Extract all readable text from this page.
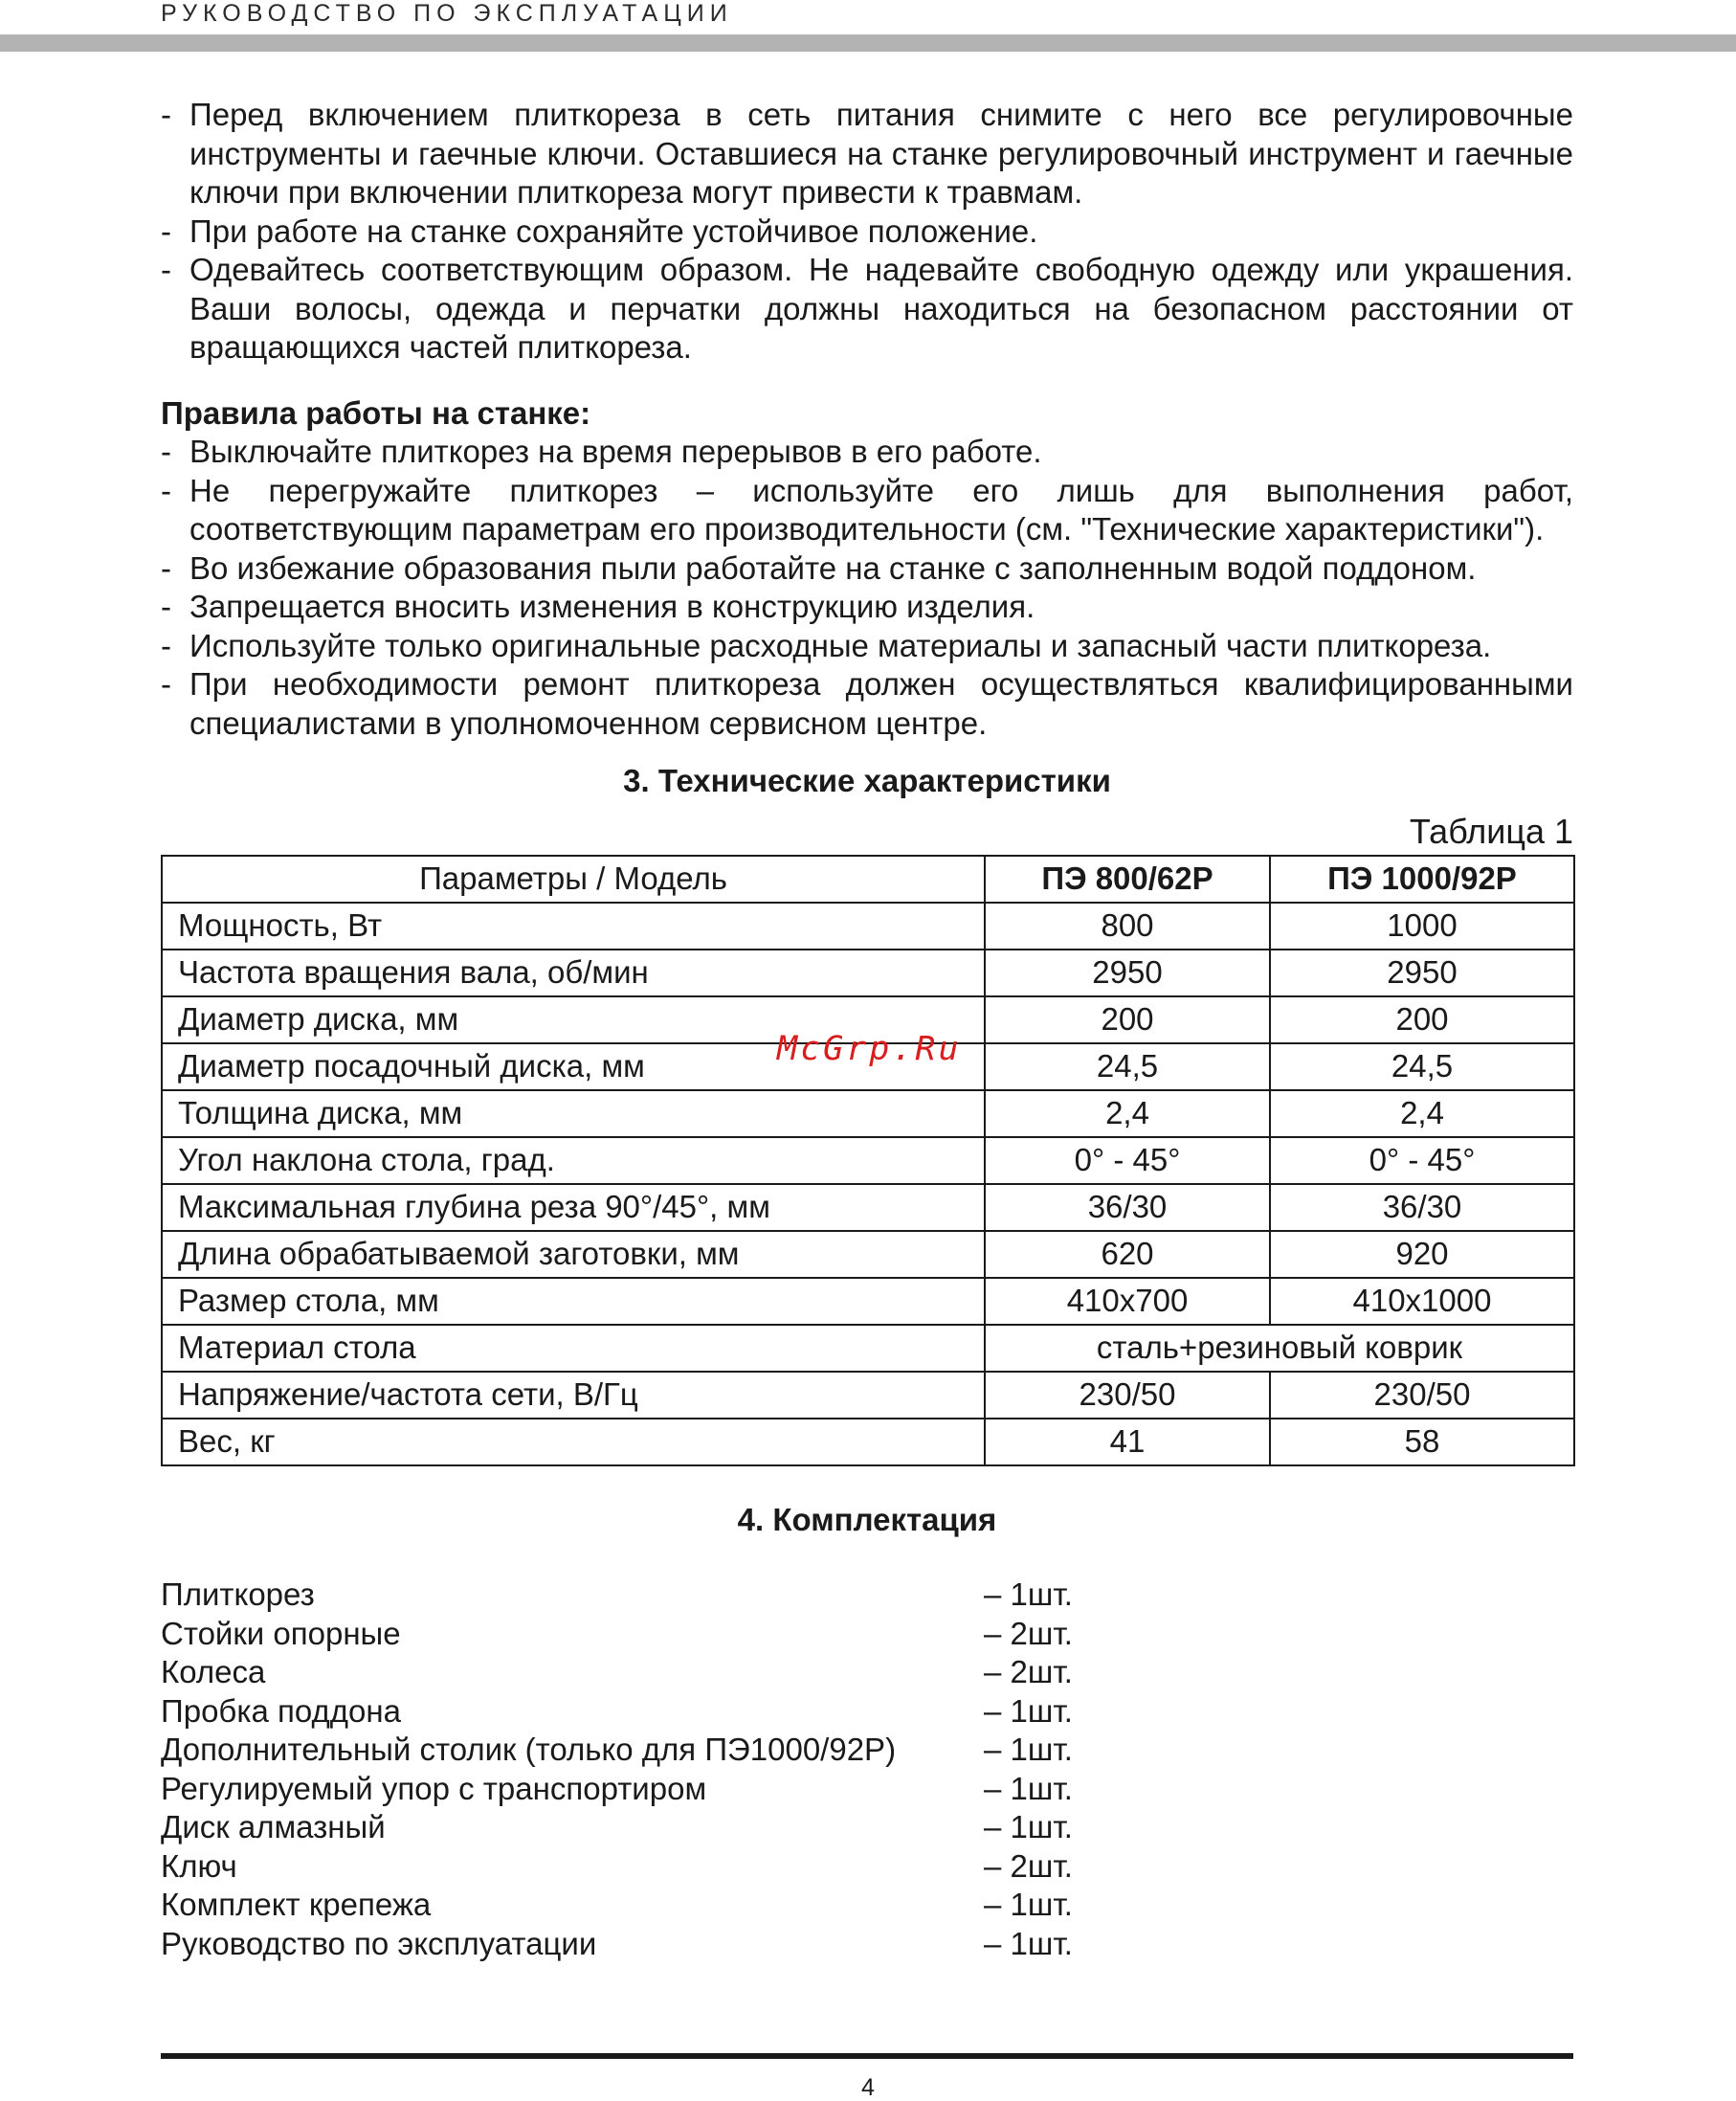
РУКОВОДСТВО ПО ЭКСПЛУАТАЦИИ
- Перед включением плиткореза в сеть питания снимите с него все регулировочные инструменты и гаечные ключи. Оставшиеся на станке регулировочный инструмент и гаечные ключи при включении плиткореза могут привести к травмам.
- При работе на станке сохраняйте устойчивое положение.
- Одевайтесь соответствующим образом. Не надевайте свободную одежду или украшения. Ваши волосы, одежда и перчатки должны находиться на безопасном расстоянии от вращающихся частей плиткореза.
Правила работы на станке:
- Выключайте плиткорез на время перерывов в его работе.
- Не перегружайте плиткорез – используйте его лишь для выполнения работ, соответствующим параметрам его производительности (см. "Технические характеристики").
- Во избежание образования пыли работайте на станке с заполненным водой поддоном.
- Запрещается вносить изменения в конструкцию изделия.
- Используйте только оригинальные расходные материалы и запасный части плиткореза.
- При необходимости ремонт плиткореза должен осуществляться квалифицированными специалистами в уполномоченном сервисном центре.
3. Технические характеристики
Таблица 1
Параметры / Модель	ПЭ 800/62Р	ПЭ 1000/92Р
Мощность, Вт	800	1000
Частота вращения вала, об/мин	2950	2950
Диаметр диска, мм	200	200
Диаметр посадочный диска, мм	24,5	24,5
Толщина диска, мм	2,4	2,4
Угол наклона стола, град.	0° - 45°	0° - 45°
Максимальная глубина реза 90°/45°, мм	36/30	36/30
Длина обрабатываемой заготовки, мм	620	920
Размер стола, мм	410х700	410х1000
Материал стола	сталь+резиновый коврик	
Напряжение/частота сети, В/Гц	230/50	230/50
Вес, кг	41	58
4. Комплектация
Плиткорез	– 1шт.
Стойки опорные	– 2шт.
Колеса	– 2шт.
Пробка поддона	– 1шт.
Дополнительный столик (только для ПЭ1000/92Р)	– 1шт.
Регулируемый упор с транспортиром	– 1шт.
Диск алмазный	– 1шт.
Ключ	– 2шт.
Комплект крепежа	– 1шт.
Руководство по эксплуатации	– 1шт.
McGrp.Ru
4
